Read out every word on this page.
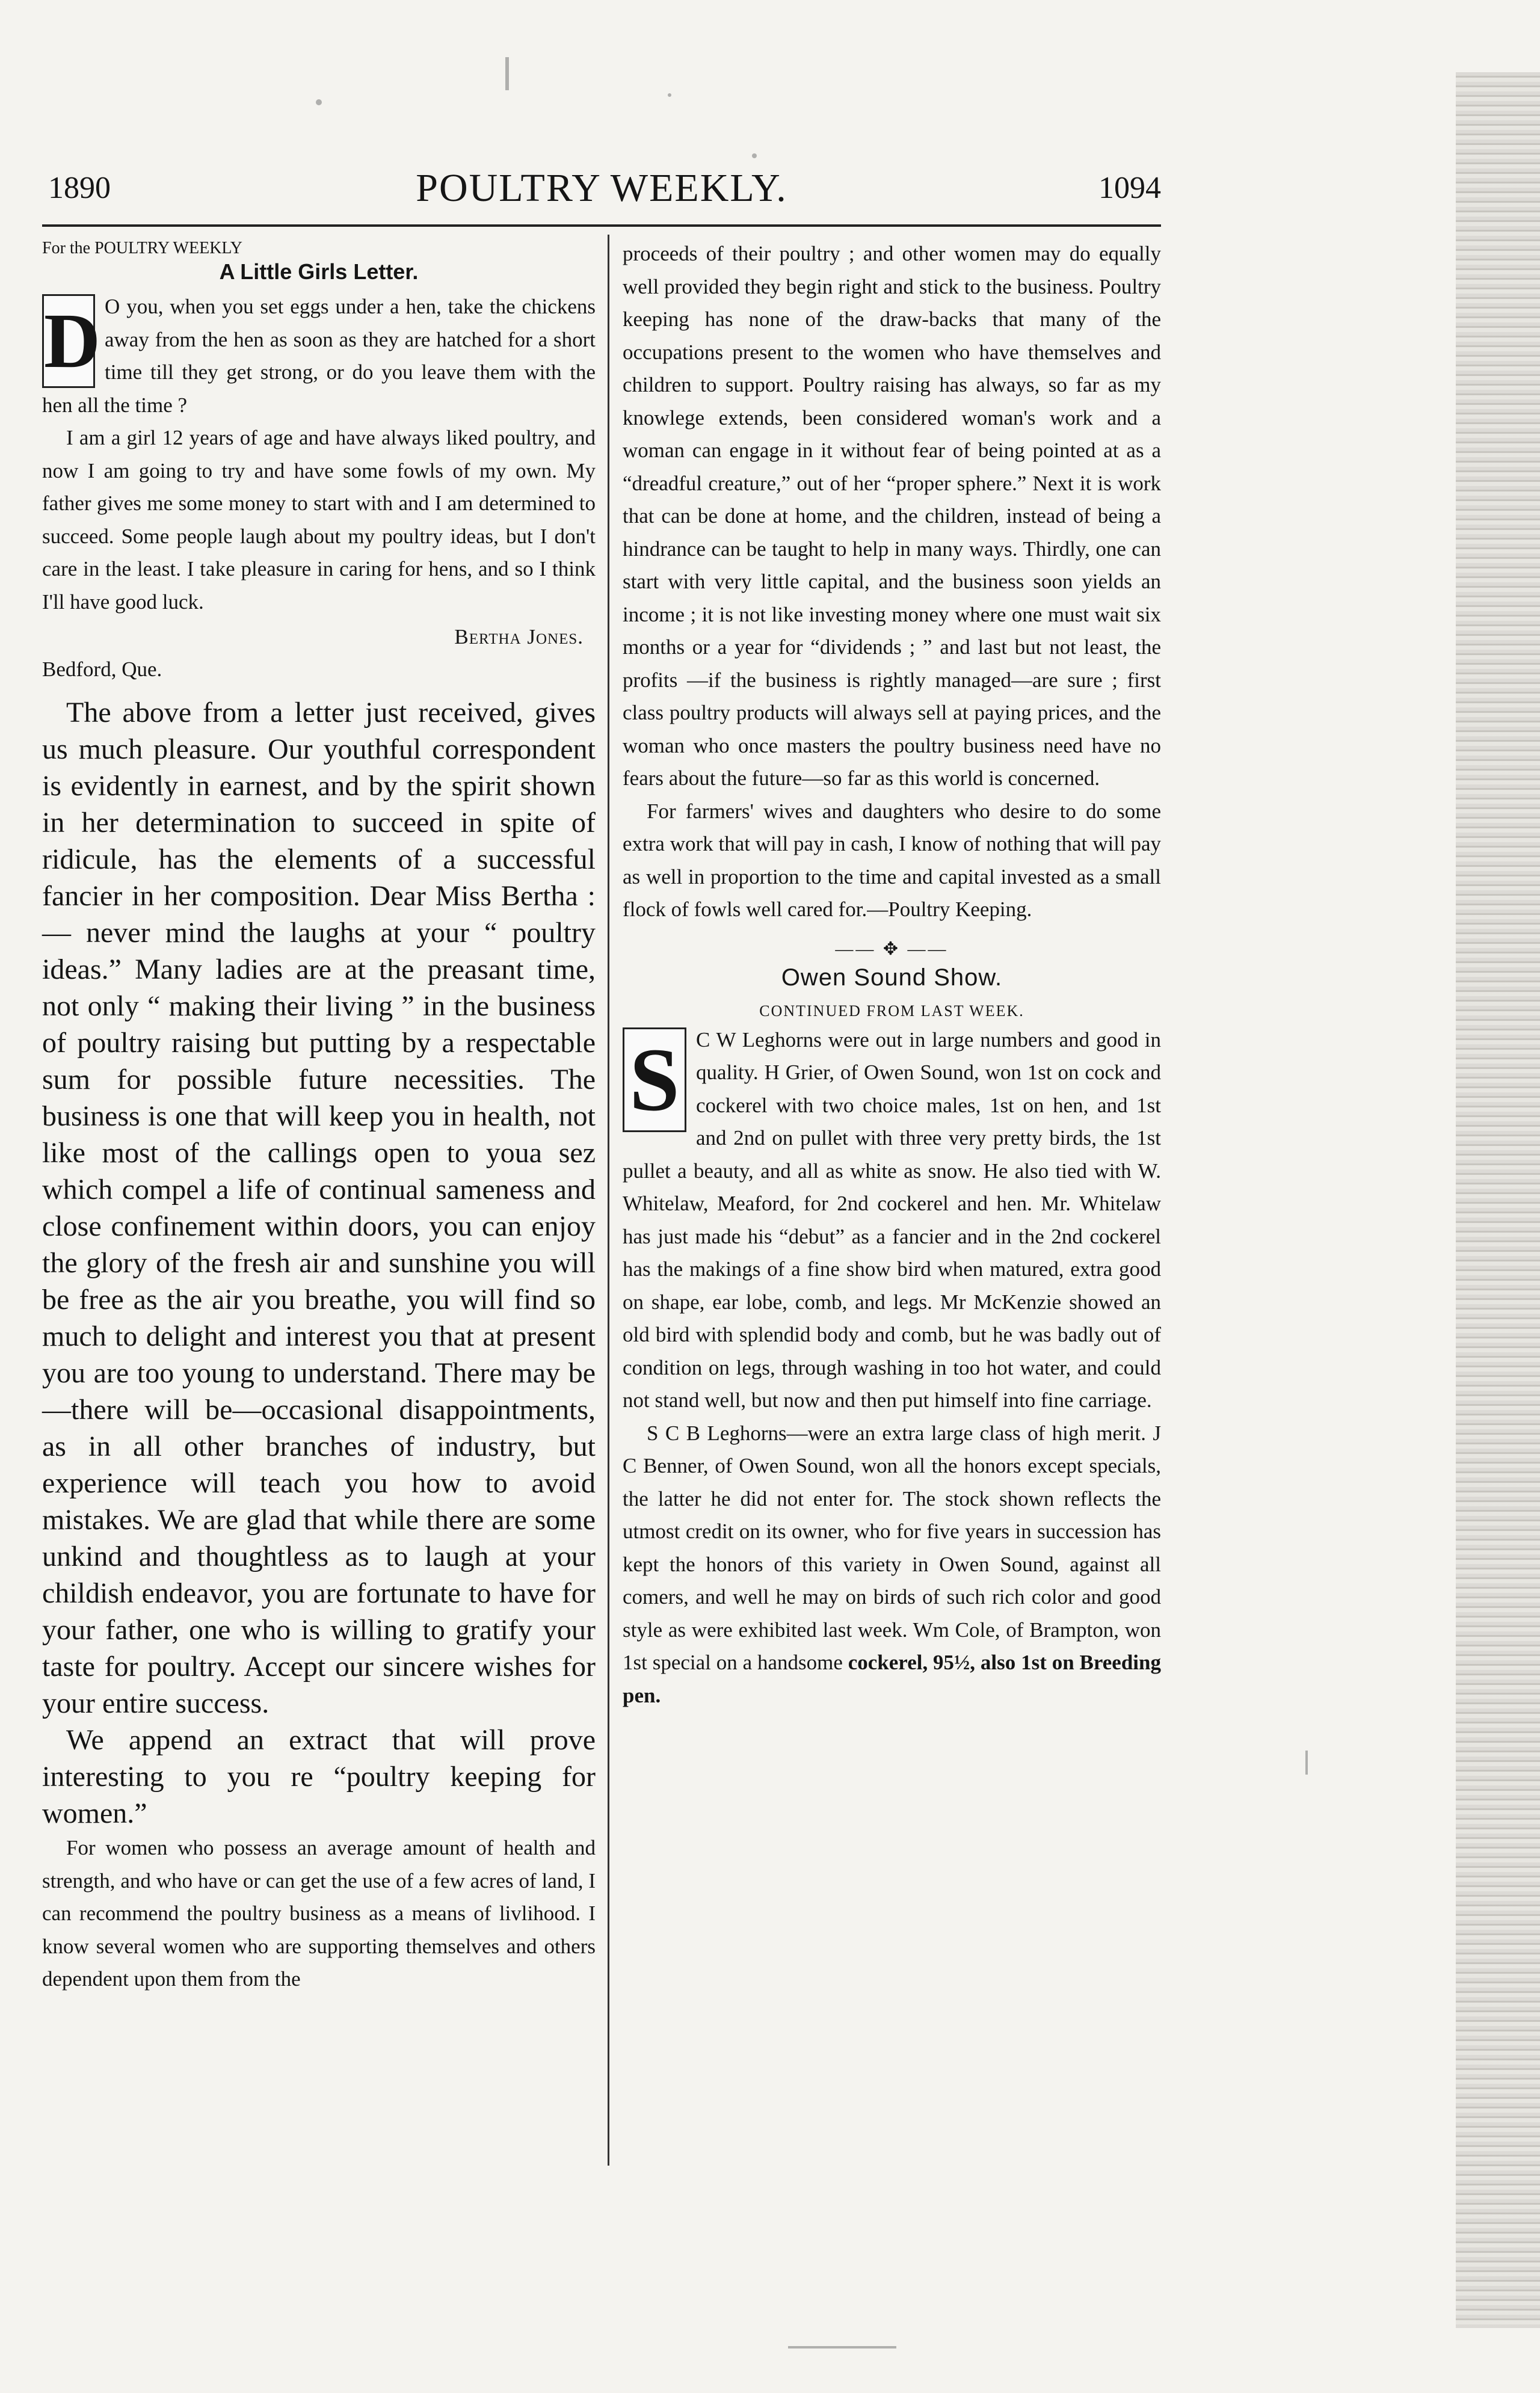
1890	POULTRY WEEKLY.	1094

For the POULTRY WEEKLY

A Little Girls Letter.

D O you, when you set eggs under a hen, take the chickens away from the hen as soon as they are hatched for a short time till they get strong, or do you leave them with the hen all the time ?

I am a girl 12 years of age and have always liked poultry, and now I am going to try and have some fowls of my own. My father gives me some money to start with and I am determined to succeed. Some people laugh about my poultry ideas, but I don't care in the least. I take pleasure in caring for hens, and so I think I'll have good luck.

Bertha Jones.

Bedford, Que.

The above from a letter just received, gives us much pleasure. Our youthful correspondent is evidently in earnest, and by the spirit shown in her determination to succeed in spite of ridicule, has the elements of a successful fancier in her composition. Dear Miss Bertha :— never mind the laughs at your “ poultry ideas.” Many ladies are at the preasant time, not only “ making their living ” in the business of poultry raising but putting by a respectable sum for possible future necessities. The business is one that will keep you in health, not like most of the callings open to youa sez which compel a life of continual sameness and close confinement within doors, you can enjoy the glory of the fresh air and sunshine you will be free as the air you breathe, you will find so much to delight and interest you that at present you are too young to understand. There may be—there will be—occasional disappointments, as in all other branches of industry, but experience will teach you how to avoid mistakes. We are glad that while there are some unkind and thoughtless as to laugh at your childish endeavor, you are fortunate to have for your father, one who is willing to gratify your taste for poultry. Accept our sincere wishes for your entire success.

We append an extract that will prove interesting to you re “poultry keeping for women.”

For women who possess an average amount of health and strength, and who have or can get the use of a few acres of land, I can recommend the poultry business as a means of livlihood. I know several women who are supporting themselves and others dependent upon them from the

proceeds of their poultry ; and other women may do equally well provided they begin right and stick to the business. Poultry keeping has none of the draw-backs that many of the occupations present to the women who have themselves and children to support. Poultry raising has always, so far as my knowlege extends, been considered woman's work and a woman can engage in it without fear of being pointed at as a “dreadful creature,” out of her “proper sphere.” Next it is work that can be done at home, and the children, instead of being a hindrance can be taught to help in many ways. Thirdly, one can start with very little capital, and the business soon yields an income ; it is not like investing money where one must wait six months or a year for “dividends ; ” and last but not least, the profits —if the business is rightly managed—are sure ; first class poultry products will always sell at paying prices, and the woman who once masters the poultry business need have no fears about the future—so far as this world is concerned.

For farmers' wives and daughters who desire to do some extra work that will pay in cash, I know of nothing that will pay as well in proportion to the time and capital invested as a small flock of fowls well cared for.—Poultry Keeping.

—— ✥ ——

Owen Sound Show.

CONTINUED FROM LAST WEEK.

S C W Leghorns were out in large numbers and good in quality. H Grier, of Owen Sound, won 1st on cock and cockerel with two choice males, 1st on hen, and 1st and 2nd on pullet with three very pretty birds, the 1st pullet a beauty, and all as white as snow. He also tied with W. Whitelaw, Meaford, for 2nd cockerel and hen. Mr. Whitelaw has just made his “debut” as a fancier and in the 2nd cockerel has the makings of a fine show bird when matured, extra good on shape, ear lobe, comb, and legs. Mr McKenzie showed an old bird with splendid body and comb, but he was badly out of condition on legs, through washing in too hot water, and could not stand well, but now and then put himself into fine carriage.

S C B Leghorns—were an extra large class of high merit. J C Benner, of Owen Sound, won all the honors except specials, the latter he did not enter for. The stock shown reflects the utmost credit on its owner, who for five years in succession has kept the honors of this variety in Owen Sound, against all comers, and well he may on birds of such rich color and good style as were exhibited last week. Wm Cole, of Brampton, won 1st special on a handsome cockerel, 95½, also 1st on Breeding pen.
